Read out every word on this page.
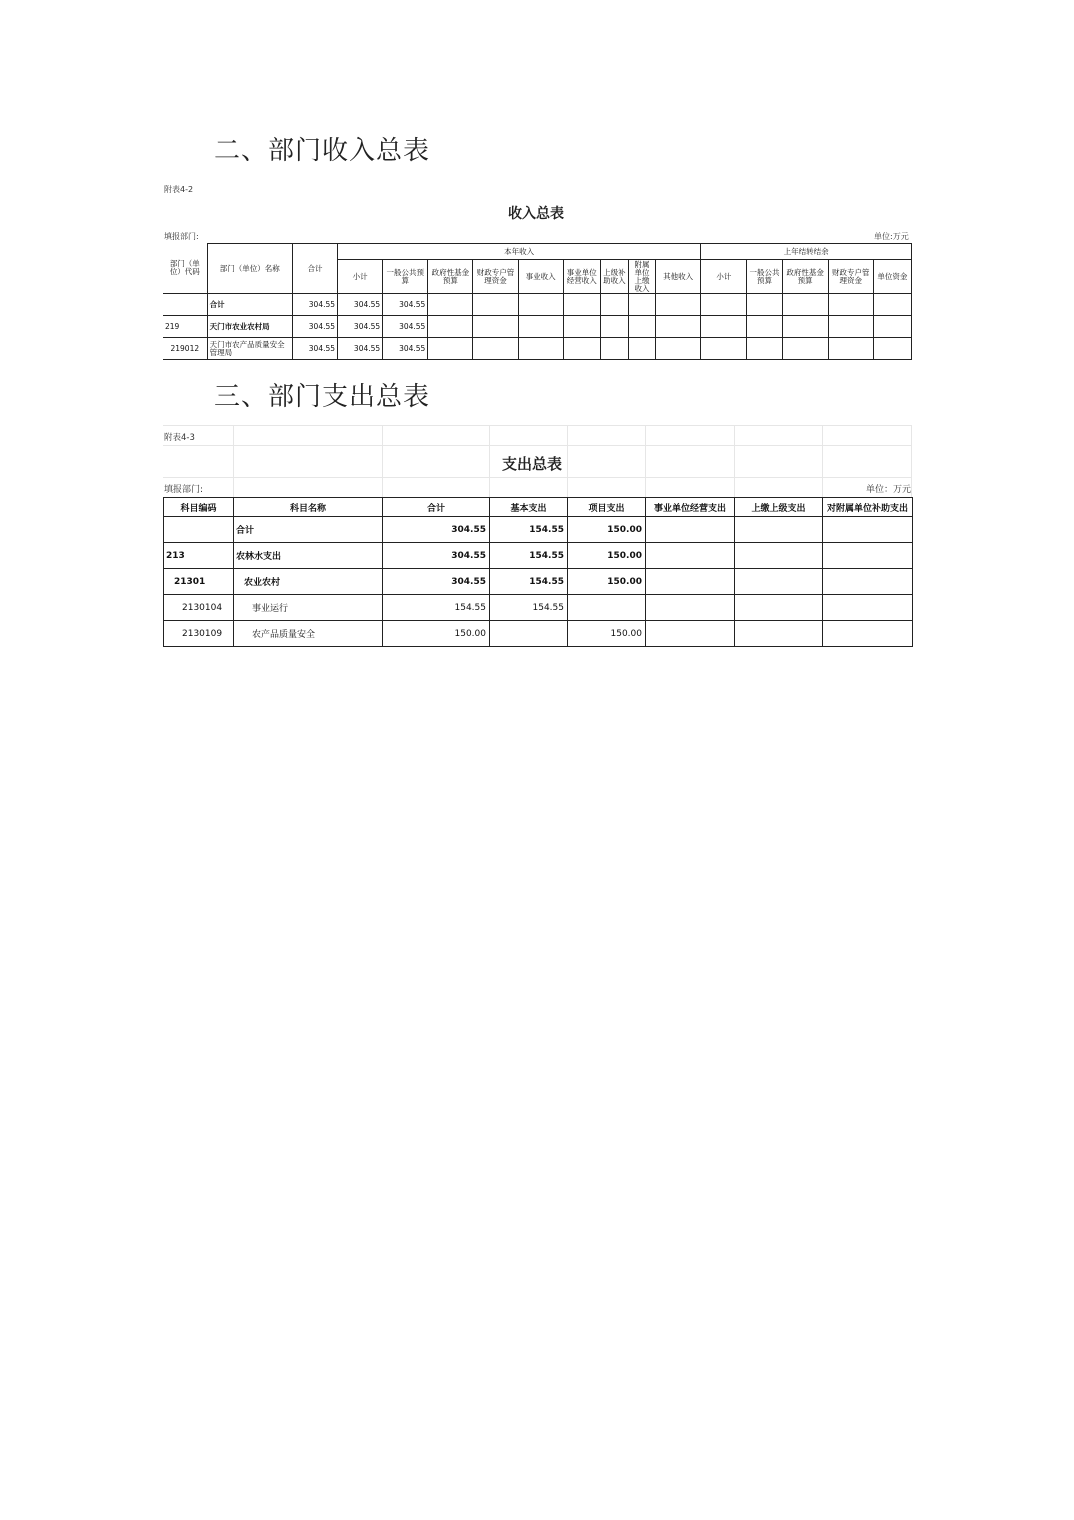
二、部门收入总表
附表4-2
收入总表
填报部门:	单位:万元
部门（单位）代码	部门（单位）名称	合计	本年收入									上年结转结余				
			小计	一般公共预算	政府性基金预算	财政专户管理资金	事业收入	事业单位经营收入	上级补助收入	附属单位上缴收入	其他收入	小计	一般公共预算	政府性基金预算	财政专户管理资金	单位资金
	合计	304.55	304.55	304.55												
219	天门市农业农村局	304.55	304.55	304.55												
219012	天门市农产品质量安全管理局	304.55	304.55	304.55												
三、部门支出总表
附表4-3
支出总表
填报部门:	单位：万元
科目编码	科目名称	合计	基本支出	项目支出	事业单位经营支出	上缴上级支出	对附属单位补助支出
	合计	304.55	154.55	150.00			
213	农林水支出	304.55	154.55	150.00			
21301	农业农村	304.55	154.55	150.00			
2130104	事业运行	154.55	154.55				
2130109	农产品质量安全	150.00		150.00			
